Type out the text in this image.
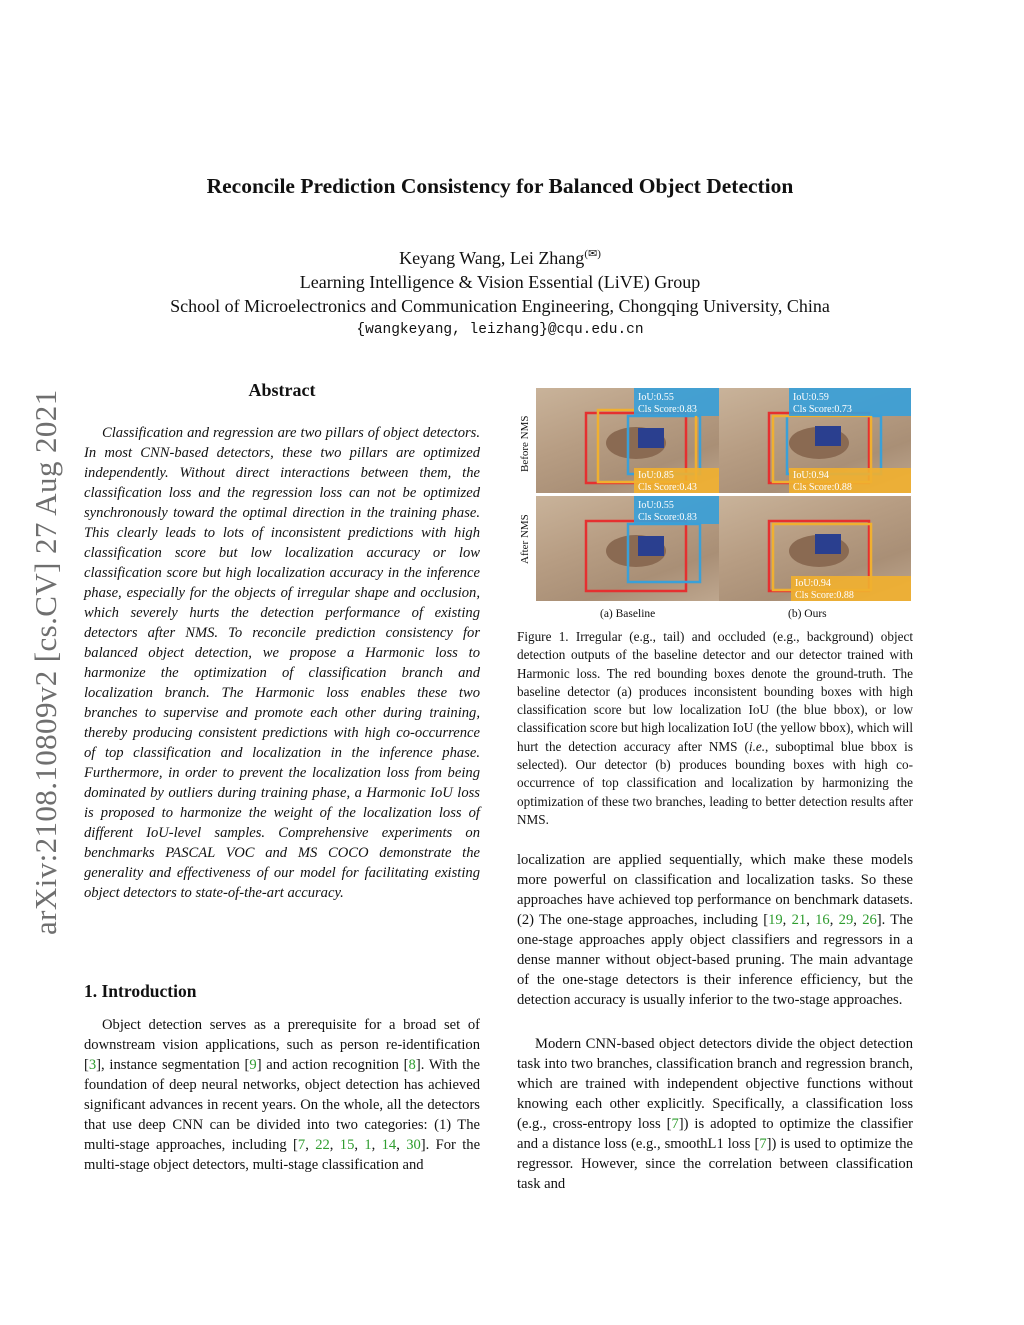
arXiv:2108.10809v2 [cs.CV] 27 Aug 2021
Reconcile Prediction Consistency for Balanced Object Detection
Keyang Wang, Lei Zhang(✉)
Learning Intelligence & Vision Essential (LiVE) Group
School of Microelectronics and Communication Engineering, Chongqing University, China
{wangkeyang, leizhang}@cqu.edu.cn
Abstract

Classification and regression are two pillars of object detectors. In most CNN-based detectors, these two pillars are optimized independently. Without direct interactions between them, the classification loss and the regression loss can not be optimized synchronously toward the optimal direction in the training phase. This clearly leads to lots of inconsistent predictions with high classification score but low localization accuracy or low classification score but high localization accuracy in the inference phase, especially for the objects of irregular shape and occlusion, which severely hurts the detection performance of existing detectors after NMS. To reconcile prediction consistency for balanced object detection, we propose a Harmonic loss to harmonize the optimization of classification branch and localization branch. The Harmonic loss enables these two branches to supervise and promote each other during training, thereby producing consistent predictions with high co-occurrence of top classification and localization in the inference phase. Furthermore, in order to prevent the localization loss from being dominated by outliers during training phase, a Harmonic IoU loss is proposed to harmonize the weight of the localization loss of different IoU-level samples. Comprehensive experiments on benchmarks PASCAL VOC and MS COCO demonstrate the generality and effectiveness of our model for facilitating existing object detectors to state-of-the-art accuracy.

1. Introduction

Object detection serves as a prerequisite for a broad set of downstream vision applications, such as person re-identification [3], instance segmentation [9] and action recognition [8]. With the foundation of deep neural networks, object detection has achieved significant advances in recent years. On the whole, all the detectors that use deep CNN can be divided into two categories: (1) The multi-stage approaches, including [7, 22, 15, 1, 14, 30]. For the multi-stage object detectors, multi-stage classification and

Before NMS
After NMS
IoU:0.55
Cls Score:0.83
IoU:0.85
Cls Score:0.43
IoU:0.59
Cls Score:0.73
IoU:0.94
Cls Score:0.88
IoU:0.55
Cls Score:0.83
IoU:0.94
Cls Score:0.88
(a) Baseline	(b) Ours

Figure 1. Irregular (e.g., tail) and occluded (e.g., background) object detection outputs of the baseline detector and our detector trained with Harmonic loss. The red bounding boxes denote the ground-truth. The baseline detector (a) produces inconsistent bounding boxes with high classification score but low localization IoU (the blue bbox), or low classification score but high localization IoU (the yellow bbox), which will hurt the detection accuracy after NMS (i.e., suboptimal blue bbox is selected). Our detector (b) produces bounding boxes with high co-occurrence of top classification and localization by harmonizing the optimization of these two branches, leading to better detection results after NMS.

localization are applied sequentially, which make these models more powerful on classification and localization tasks. So these approaches have achieved top performance on benchmark datasets. (2) The one-stage approaches, including [19, 21, 16, 29, 26]. The one-stage approaches apply object classifiers and regressors in a dense manner without object-based pruning. The main advantage of the one-stage detectors is their inference efficiency, but the detection accuracy is usually inferior to the two-stage approaches.

Modern CNN-based object detectors divide the object detection task into two branches, classification branch and regression branch, which are trained with independent objective functions without knowing each other explicitly. Specifically, a classification loss (e.g., cross-entropy loss [7]) is adopted to optimize the classifier and a distance loss (e.g., smoothL1 loss [7]) is used to optimize the regressor. However, since the correlation between classification task and
